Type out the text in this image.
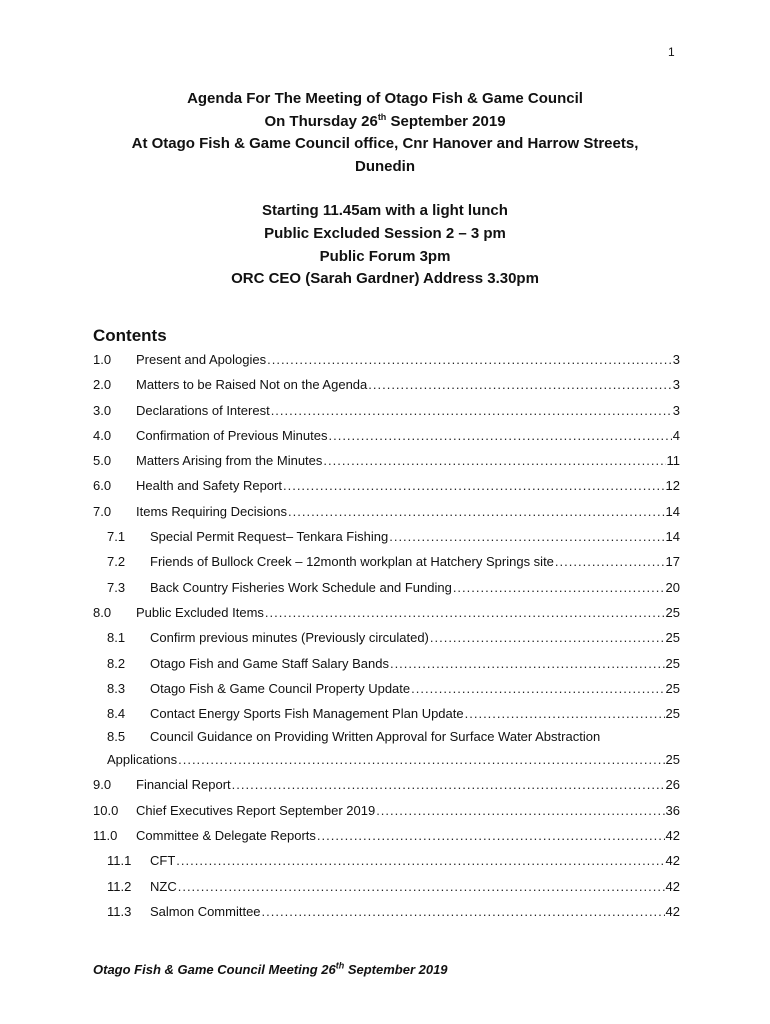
1
Agenda For The Meeting of Otago Fish & Game Council
On Thursday 26th September 2019
At Otago Fish & Game Council office, Cnr Hanover and Harrow Streets,
Dunedin
Starting 11.45am with a light lunch
Public Excluded Session 2 – 3 pm
Public Forum 3pm
ORC CEO (Sarah Gardner) Address 3.30pm
Contents
1.0	Present and Apologies .....	3
2.0	Matters to be Raised Not on the Agenda .....	3
3.0	Declarations of Interest .....	3
4.0	Confirmation of Previous Minutes .....	4
5.0	Matters Arising from the Minutes .....	11
6.0	Health and Safety Report .....	12
7.0	Items Requiring Decisions .....	14
7.1	Special Permit Request– Tenkara Fishing .....	14
7.2	Friends of Bullock Creek – 12month workplan at Hatchery Springs site .....	17
7.3	Back Country Fisheries Work Schedule and Funding .....	20
8.0	Public Excluded Items .....	25
8.1	Confirm previous minutes (Previously circulated) .....	25
8.2	Otago Fish and Game Staff Salary Bands .....	25
8.3	Otago Fish & Game Council Property Update .....	25
8.4	Contact Energy Sports Fish Management Plan Update .....	25
8.5	Council Guidance on Providing Written Approval for Surface Water Abstraction
Applications .....	25
9.0	Financial Report .....	26
10.0	Chief Executives Report September 2019 .....	36
11.0	Committee & Delegate Reports .....	42
11.1	CFT .....	42
11.2	NZC .....	42
11.3	Salmon Committee .....	42
Otago Fish & Game Council Meeting 26th September 2019
